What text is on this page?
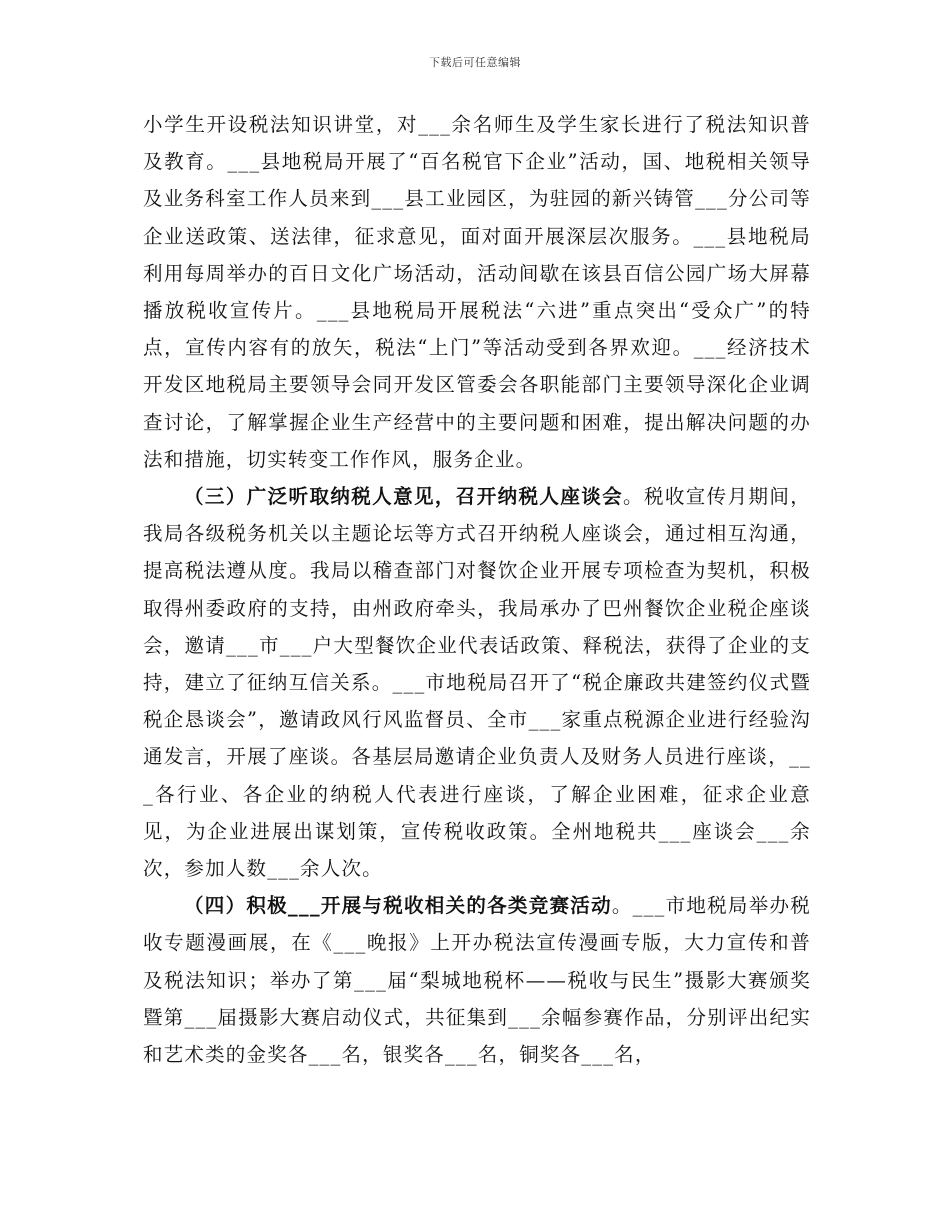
下载后可任意编辑

小学生开设税法知识讲堂，对___余名师生及学生家长进行了税法知识普及教育。___县地税局开展了“百名税官下企业”活动，国、地税相关领导及业务科室工作人员来到___县工业园区，为驻园的新兴铸管___分公司等企业送政策、送法律，征求意见，面对面开展深层次服务。___县地税局利用每周举办的百日文化广场活动，活动间歇在该县百信公园广场大屏幕播放税收宣传片。___县地税局开展税法“六进”重点突出“受众广”的特点，宣传内容有的放矢，税法“上门”等活动受到各界欢迎。___经济技术开发区地税局主要领导会同开发区管委会各职能部门主要领导深化企业调查讨论，了解掌握企业生产经营中的主要问题和困难，提出解决问题的办法和措施，切实转变工作作风，服务企业。

（三）广泛听取纳税人意见，召开纳税人座谈会。税收宣传月期间，我局各级税务机关以主题论坛等方式召开纳税人座谈会，通过相互沟通，提高税法遵从度。我局以稽查部门对餐饮企业开展专项检查为契机，积极取得州委政府的支持，由州政府牵头，我局承办了巴州餐饮企业税企座谈会，邀请___市___户大型餐饮企业代表话政策、释税法，获得了企业的支持，建立了征纳互信关系。___市地税局召开了“税企廉政共建签约仪式暨税企恳谈会”，邀请政风行风监督员、全市___家重点税源企业进行经验沟通发言，开展了座谈。各基层局邀请企业负责人及财务人员进行座谈，___各行业、各企业的纳税人代表进行座谈，了解企业困难，征求企业意见，为企业进展出谋划策，宣传税收政策。全州地税共___座谈会___余次，参加人数___余人次。

（四）积极___开展与税收相关的各类竞赛活动。___市地税局举办税收专题漫画展，在《___晚报》上开办税法宣传漫画专版，大力宣传和普及税法知识；举办了第___届“梨城地税杯——税收与民生”摄影大赛颁奖暨第___届摄影大赛启动仪式，共征集到___余幅参赛作品，分别评出纪实和艺术类的金奖各___名，银奖各___名，铜奖各___名，
